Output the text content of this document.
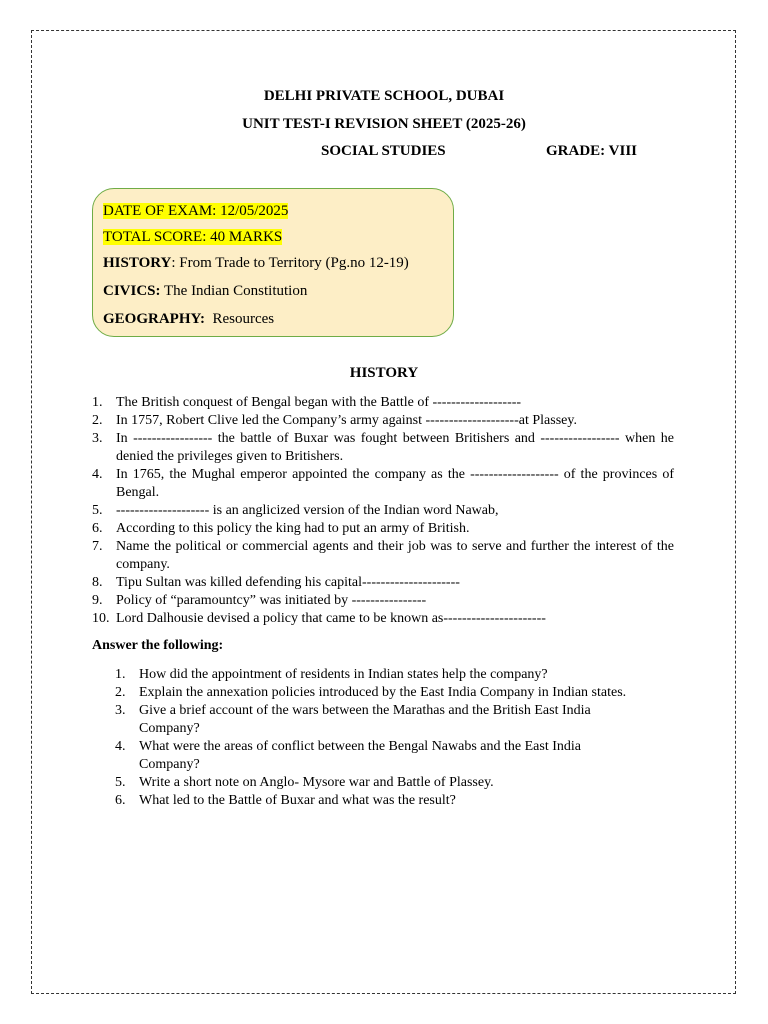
DELHI PRIVATE SCHOOL, DUBAI
UNIT TEST-I REVISION SHEET (2025-26)
SOCIAL STUDIES	GRADE: VIII
DATE OF EXAM: 12/05/2025
TOTAL SCORE: 40 MARKS
HISTORY: From Trade to Territory (Pg.no 12-19)
CIVICS: The Indian Constitution
GEOGRAPHY:  Resources
HISTORY
1. The British conquest of Bengal began with the Battle of -------------------
2. In 1757, Robert Clive led the Company’s army against --------------------at Plassey.
3. In ----------------- the battle of Buxar was fought between Britishers and ----------------- when he denied the privileges given to Britishers.
4. In 1765, the Mughal emperor appointed the company as the ------------------- of the provinces of Bengal.
5. -------------------- is an anglicized version of the Indian word Nawab,
6. According to this policy the king had to put an army of British.
7. Name the political or commercial agents and their job was to serve and further the interest of the company.
8. Tipu Sultan was killed defending his capital---------------------
9. Policy of “paramountcy” was initiated by ----------------
10. Lord Dalhousie devised a policy that came to be known as----------------------
Answer the following:
1. How did the appointment of residents in Indian states help the company?
2. Explain the annexation policies introduced by the East India Company in Indian states.
3. Give a brief account of the wars between the Marathas and the British East India Company?
4. What were the areas of conflict between the Bengal Nawabs and the East India Company?
5. Write a short note on Anglo- Mysore war and Battle of Plassey.
6. What led to the Battle of Buxar and what was the result?
